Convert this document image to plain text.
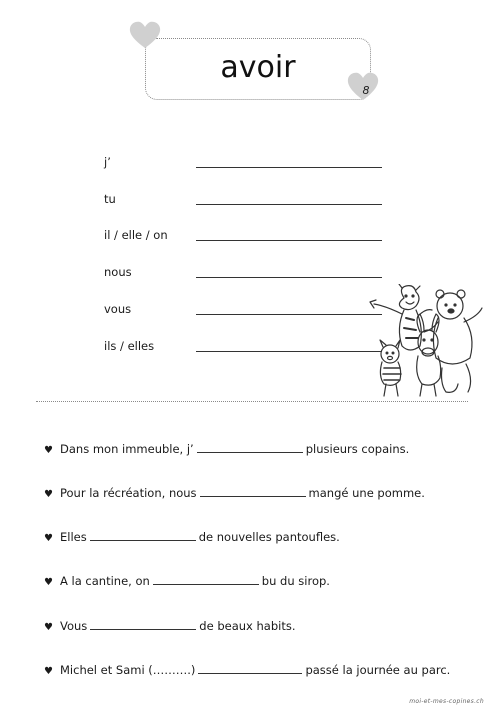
avoir
8
j’
tu
il / elle / on
nous
vous
ils / elles
♥ Dans mon immeuble, j’	plusieurs copains.
♥ Pour la récréation, nous	mangé une pomme.
♥ Elles	de nouvelles pantoufles.
♥ A la cantine, on	bu du sirop.
♥ Vous	de beaux habits.
♥ Michel et Sami (……….)	passé la journée au parc.
moi-et-mes-copines.ch
